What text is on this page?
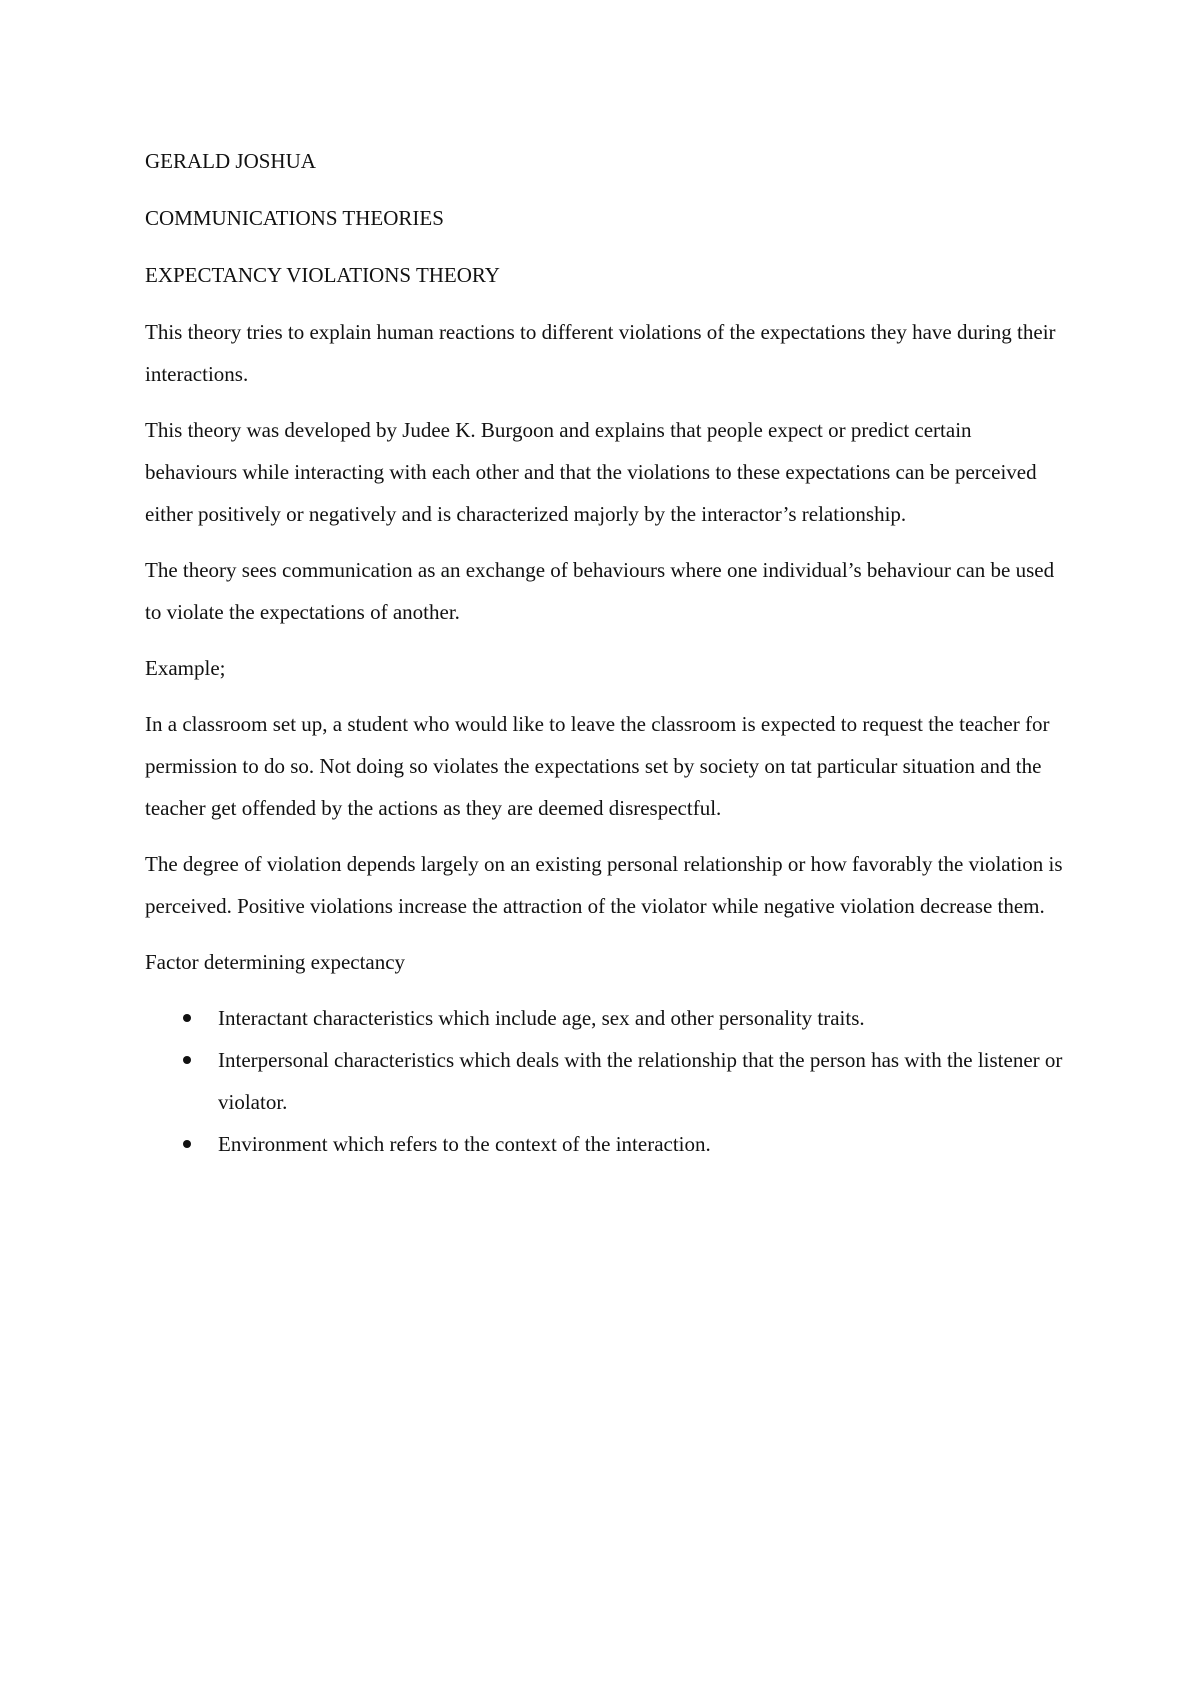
GERALD JOSHUA

COMMUNICATIONS THEORIES

EXPECTANCY VIOLATIONS THEORY

This theory tries to explain human reactions to different violations of the expectations they have during their interactions.

This theory was developed by Judee K. Burgoon and explains that people expect or predict certain behaviours while interacting with each other and that the violations to these expectations can be perceived either positively or negatively and is characterized majorly by the interactor’s relationship.

The theory sees communication as an exchange of behaviours where one individual’s behaviour can be used to violate the expectations of another.

Example;

In a classroom set up, a student who would like to leave the classroom is expected to request the teacher for permission to do so. Not doing so violates the expectations set by society on tat particular situation and the teacher get offended by the actions as they are deemed disrespectful.

The degree of violation depends largely on an existing personal relationship or how favorably the violation is perceived. Positive violations increase the attraction of the violator while negative violation decrease them.

Factor determining expectancy

Interactant characteristics which include age, sex and other personality traits.
Interpersonal characteristics which deals with the relationship that the person has with the listener or violator.
Environment which refers to the context of the interaction.
